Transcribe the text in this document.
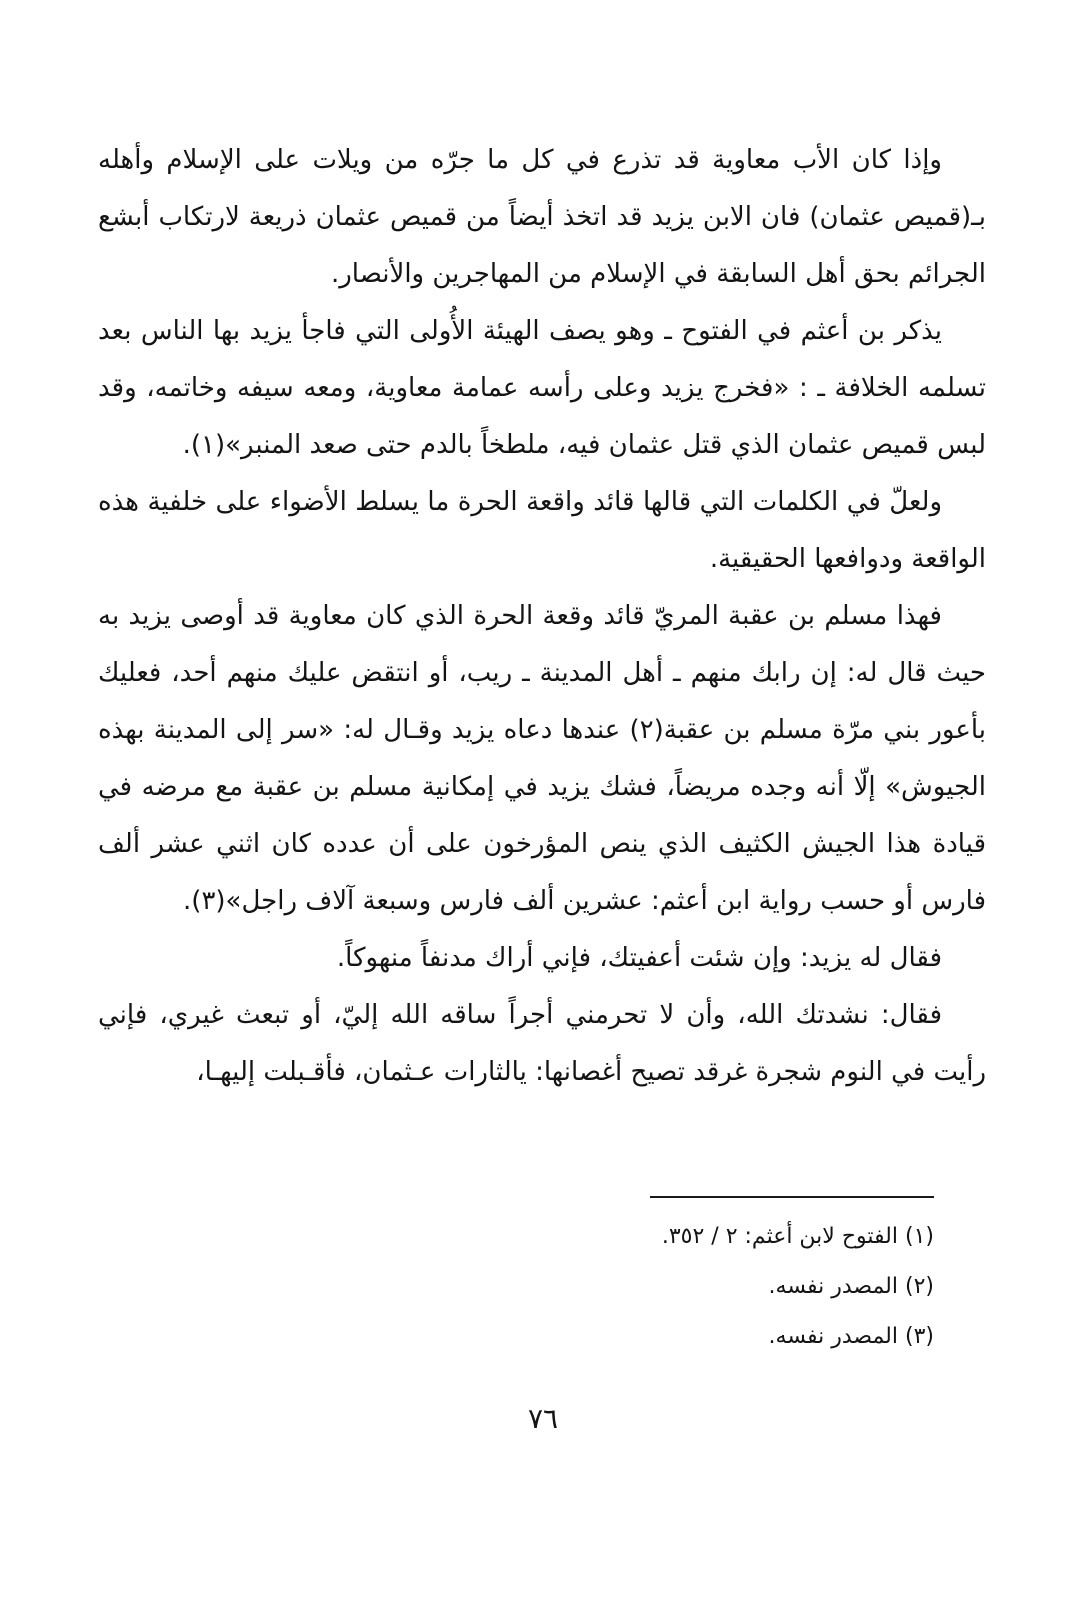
وإذا كان الأب معاوية قد تذرع في كل ما جرّه من ويلات على الإسلام وأهله بـ(قميص عثمان) فان الابن يزيد قد اتخذ أيضاً من قميص عثمان ذريعة لارتكاب أبشع الجرائم بحق أهل السابقة في الإسلام من المهاجرين والأنصار.

يذكر بن أعثم في الفتوح ـ وهو يصف الهيئة الأُولى التي فاجأ يزيد بها الناس بعد تسلمه الخلافة ـ : «فخرج يزيد وعلى رأسه عمامة معاوية، ومعه سيفه وخاتمه، وقد لبس قميص عثمان الذي قتل عثمان فيه، ملطخاً بالدم حتى صعد المنبر»(١).

ولعلّ في الكلمات التي قالها قائد واقعة الحرة ما يسلط الأضواء على خلفية هذه الواقعة ودوافعها الحقيقية.

فهذا مسلم بن عقبة المريّ قائد وقعة الحرة الذي كان معاوية قد أوصى يزيد به حيث قال له: إن رابك منهم ـ أهل المدينة ـ ريب، أو انتقض عليك منهم أحد، فعليك بأعور بني مرّة مسلم بن عقبة(٢) عندها دعاه يزيد وقـال له: «سر إلى المدينة بهذه الجيوش» إلّا أنه وجده مريضاً، فشك يزيد في إمكانية مسلم بن عقبة مع مرضه في قيادة هذا الجيش الكثيف الذي ينص المؤرخون على أن عدده كان اثني عشر ألف فارس أو حسب رواية ابن أعثم: عشرين ألف فارس وسبعة آلاف راجل»(٣).

فقال له يزيد: وإن شئت أعفيتك، فإني أراك مدنفاً منهوكاً.

فقال: نشدتك الله، وأن لا تحرمني أجراً ساقه الله إليّ، أو تبعث غيري، فإني رأيت في النوم شجرة غرقد تصيح أغصانها: يالثارات عـثمان، فأقـبلت إليهـا،

(١) الفتوح لابن أعثم: ٢ / ٣٥٢.
(٢) المصدر نفسه.
(٣) المصدر نفسه.
٧٦
